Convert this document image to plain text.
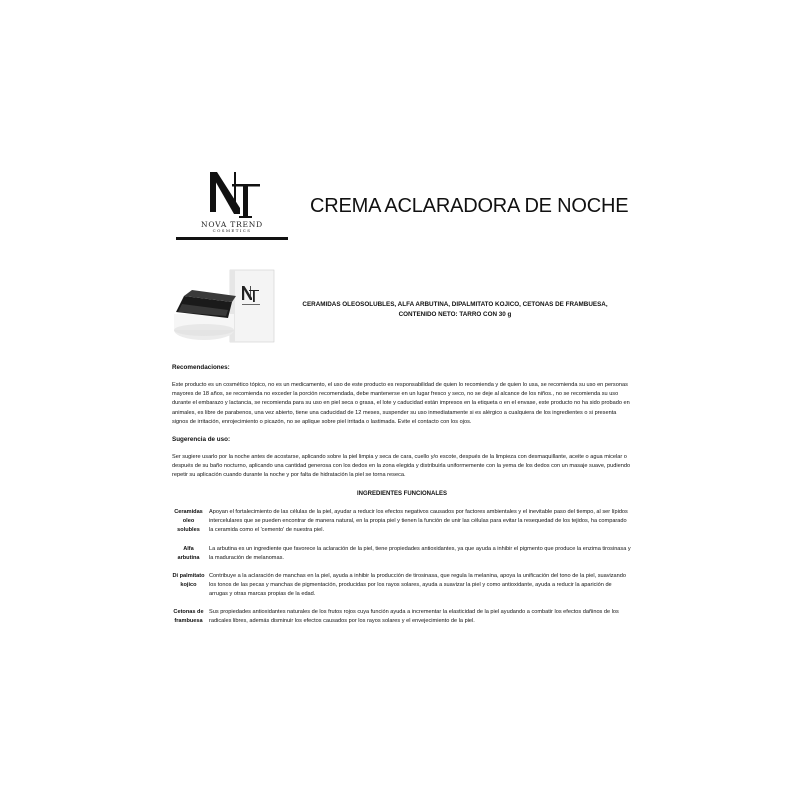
NOVA TREND
COSMETICS
CREMA ACLARADORA DE NOCHE
CERAMIDAS OLEOSOLUBLES, ALFA ARBUTINA, DIPALMITATO KOJICO, CETONAS DE FRAMBUESA,
CONTENIDO NETO: TARRO CON 30 g
Recomendaciones:

Este producto es un cosmético tópico, no es un medicamento, el uso de este producto es responsabilidad de quien lo recomienda y de quien lo usa, se recomienda su uso en personas mayores de 18 años, se recomienda no exceder la porción recomendada, debe mantenerse en un lugar fresco y seco, no se deje al alcance de los niños., no se recomienda su uso durante el embarazo y lactancia, se recomienda para su uso en piel seca o grasa, el lote y caducidad están impresos en la etiqueta o en el envase, este producto no ha sido probado en animales, es libre de parabenos, una vez abierto, tiene una caducidad de 12 meses, suspender su uso inmediatamente si es alérgico a cualquiera de los ingredientes o si presenta signos de irritación, enrojecimiento o picazón, no se aplique sobre piel irritada o lastimada. Evite el contacto con los ojos.

Sugerencia de uso:

Ser sugiere usarlo por la noche antes de acostarse, aplicando sobre la piel limpia y seca de cara, cuello y/o escote, después de la limpieza con desmaquillante, aceite o agua micelar o después de su baño nocturno, aplicando una cantidad generosa con los dedos en la zona elegida y distribuirla uniformemente con la yema de los dedos con un masaje suave, pudiendo repetir su aplicación cuando durante la noche y por falta de hidratación la piel se torna reseca.

INGREDIENTES FUNCIONALES
Ceramidas oleo solubles
Apoyan el fortalecimiento de las células de la piel, ayudar a reducir los efectos negativos causados por factores ambientales y el inevitable paso del tiempo, al ser lípidos intercelulares que se pueden encontrar de manera natural, en la propia piel y tienen la función de unir las células para evitar la resequedad de los tejidos, ha comparado la ceramida como el 'cemento' de nuestra piel.
Alfa arbutina
La arbutina es un ingrediente que favorece la aclaración de la piel, tiene propiedades antioxidantes, ya que ayuda a inhibir el pigmento que produce la enzima tirosinasa y la maduración de melanomas.
Di palmitato kojico
Contribuye a la aclaración de manchas en la piel, ayuda a inhibir la producción de tirosinasa, que regula la melanina, apoya la unificación del tono de la piel, suavizando los tonos de las pecas y manchas de pigmentación, producidas por los rayos solares, ayuda a suavizar la piel y como antioxidante, ayuda a reducir la aparición de arrugas y otras marcas propias de la edad.
Cetonas de frambuesa
Sus propiedades antioxidantes naturales de los frutos rojos cuya función ayuda a incrementar la elasticidad de la piel ayudando a combatir los efectos dañinos de los radicales libres, además disminuir los efectos causados por los rayos solares y el envejecimiento de la piel.
